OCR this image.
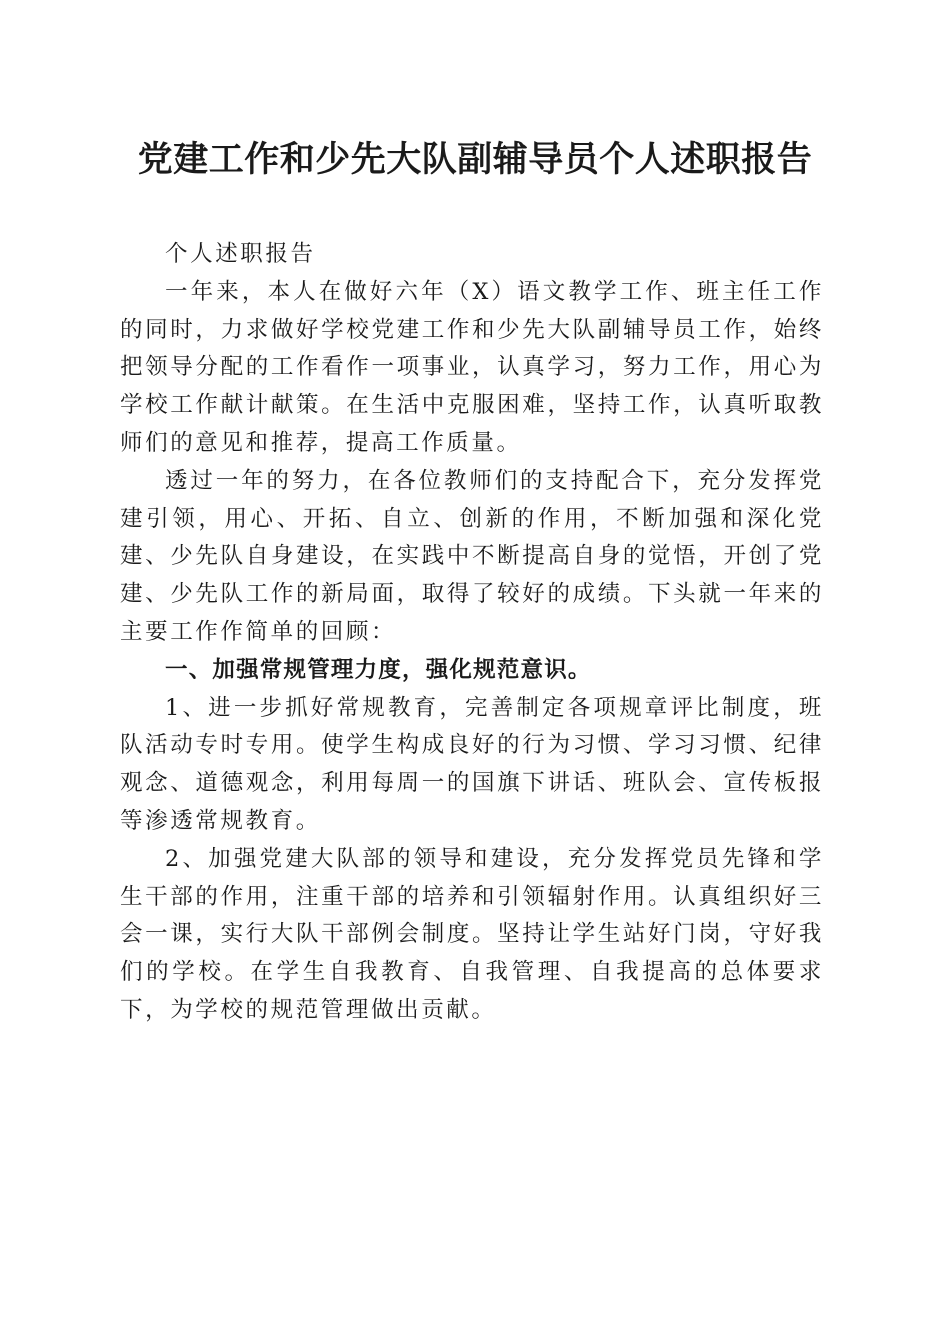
党建工作和少先大队副辅导员个人述职报告

个人述职报告

一年来，本人在做好六年（X）语文教学工作、班主任工作的同时，力求做好学校党建工作和少先大队副辅导员工作，始终把领导分配的工作看作一项事业，认真学习，努力工作，用心为学校工作献计献策。在生活中克服困难，坚持工作，认真听取教师们的意见和推荐，提高工作质量。

透过一年的努力，在各位教师们的支持配合下，充分发挥党建引领，用心、开拓、自立、创新的作用，不断加强和深化党建、少先队自身建设，在实践中不断提高自身的觉悟，开创了党建、少先队工作的新局面，取得了较好的成绩。下头就一年来的主要工作作简单的回顾：

一、加强常规管理力度，强化规范意识。

1、进一步抓好常规教育，完善制定各项规章评比制度，班队活动专时专用。使学生构成良好的行为习惯、学习习惯、纪律观念、道德观念，利用每周一的国旗下讲话、班队会、宣传板报等渗透常规教育。

2、加强党建大队部的领导和建设，充分发挥党员先锋和学生干部的作用，注重干部的培养和引领辐射作用。认真组织好三会一课，实行大队干部例会制度。坚持让学生站好门岗，守好我们的学校。在学生自我教育、自我管理、自我提高的总体要求下，为学校的规范管理做出贡献。
